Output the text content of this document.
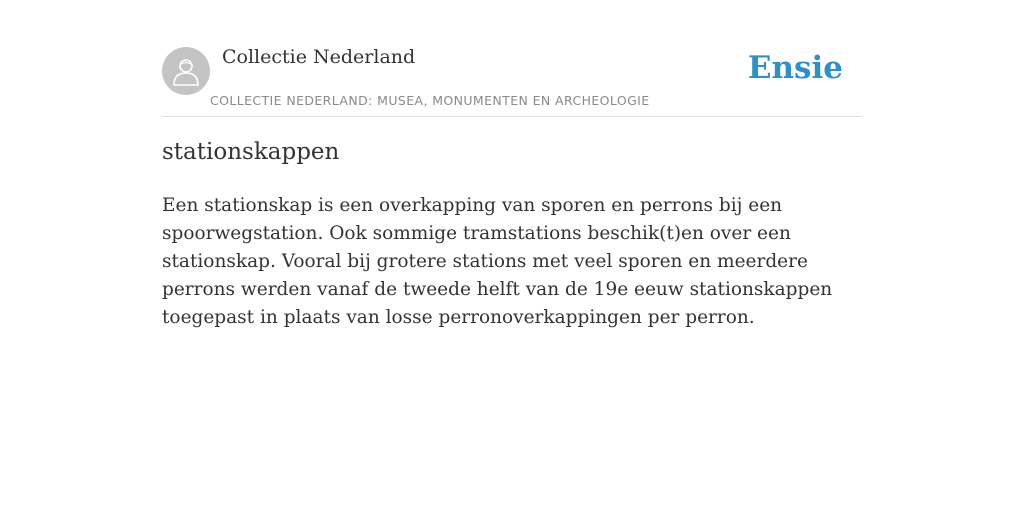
Collectie Nederland
COLLECTIE NEDERLAND: MUSEA, MONUMENTEN EN ARCHEOLOGIE
Ensie
stationskappen

Een stationskap is een overkapping van sporen en perrons bij een spoorwegstation. Ook sommige tramstations beschik(t)en over een stationskap. Vooral bij grotere stations met veel sporen en meerdere perrons werden vanaf de tweede helft van de 19e eeuw stationskappen toegepast in plaats van losse perronoverkappingen per perron.
